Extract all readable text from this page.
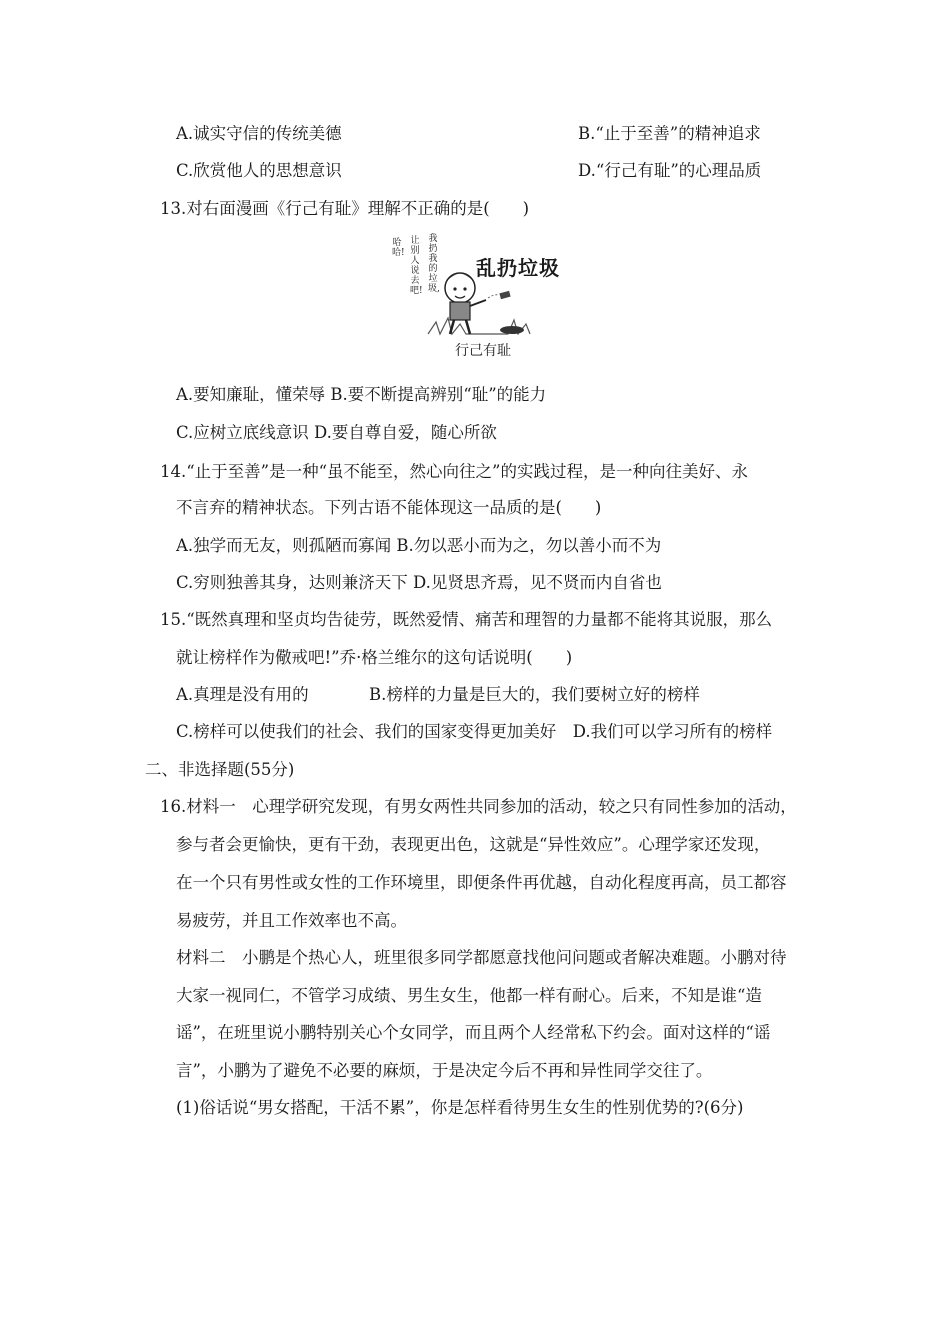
A.诚实守信的传统美德	B.“止于至善”的精神追求
C.欣赏他人的思想意识	D.“行己有耻”的心理品质
13.对右面漫画《行己有耻》理解不正确的是(　　)
哈哈!
让别人说去吧!
我扔我的垃圾,
乱扔垃圾
行己有耻
A.要知廉耻，懂荣辱 B.要不断提高辨别“耻”的能力
C.应树立底线意识 D.要自尊自爱，随心所欲
14.“止于至善”是一种“虽不能至，然心向往之”的实践过程，是一种向往美好、永
不言弃的精神状态。下列古语不能体现这一品质的是(　　)
A.独学而无友，则孤陋而寡闻 B.勿以恶小而为之，勿以善小而不为
C.穷则独善其身，达则兼济天下 D.见贤思齐焉，见不贤而内自省也
15.“既然真理和坚贞均告徒劳，既然爱情、痛苦和理智的力量都不能将其说服，那么
就让榜样作为儆戒吧!”乔·格兰维尔的这句话说明(　　)
A.真理是没有用的	B.榜样的力量是巨大的，我们要树立好的榜样
C.榜样可以使我们的社会、我们的国家变得更加美好　D.我们可以学习所有的榜样
二、非选择题(55分)
16.材料一　心理学研究发现，有男女两性共同参加的活动，较之只有同性参加的活动，
参与者会更愉快，更有干劲，表现更出色，这就是“异性效应”。心理学家还发现，
在一个只有男性或女性的工作环境里，即便条件再优越，自动化程度再高，员工都容
易疲劳，并且工作效率也不高。
材料二　小鹏是个热心人，班里很多同学都愿意找他问问题或者解决难题。小鹏对待
大家一视同仁，不管学习成绩、男生女生，他都一样有耐心。后来，不知是谁“造
谣”，在班里说小鹏特别关心个女同学，而且两个人经常私下约会。面对这样的“谣
言”，小鹏为了避免不必要的麻烦，于是决定今后不再和异性同学交往了。
(1)俗话说“男女搭配，干活不累”，你是怎样看待男生女生的性别优势的?(6分)
